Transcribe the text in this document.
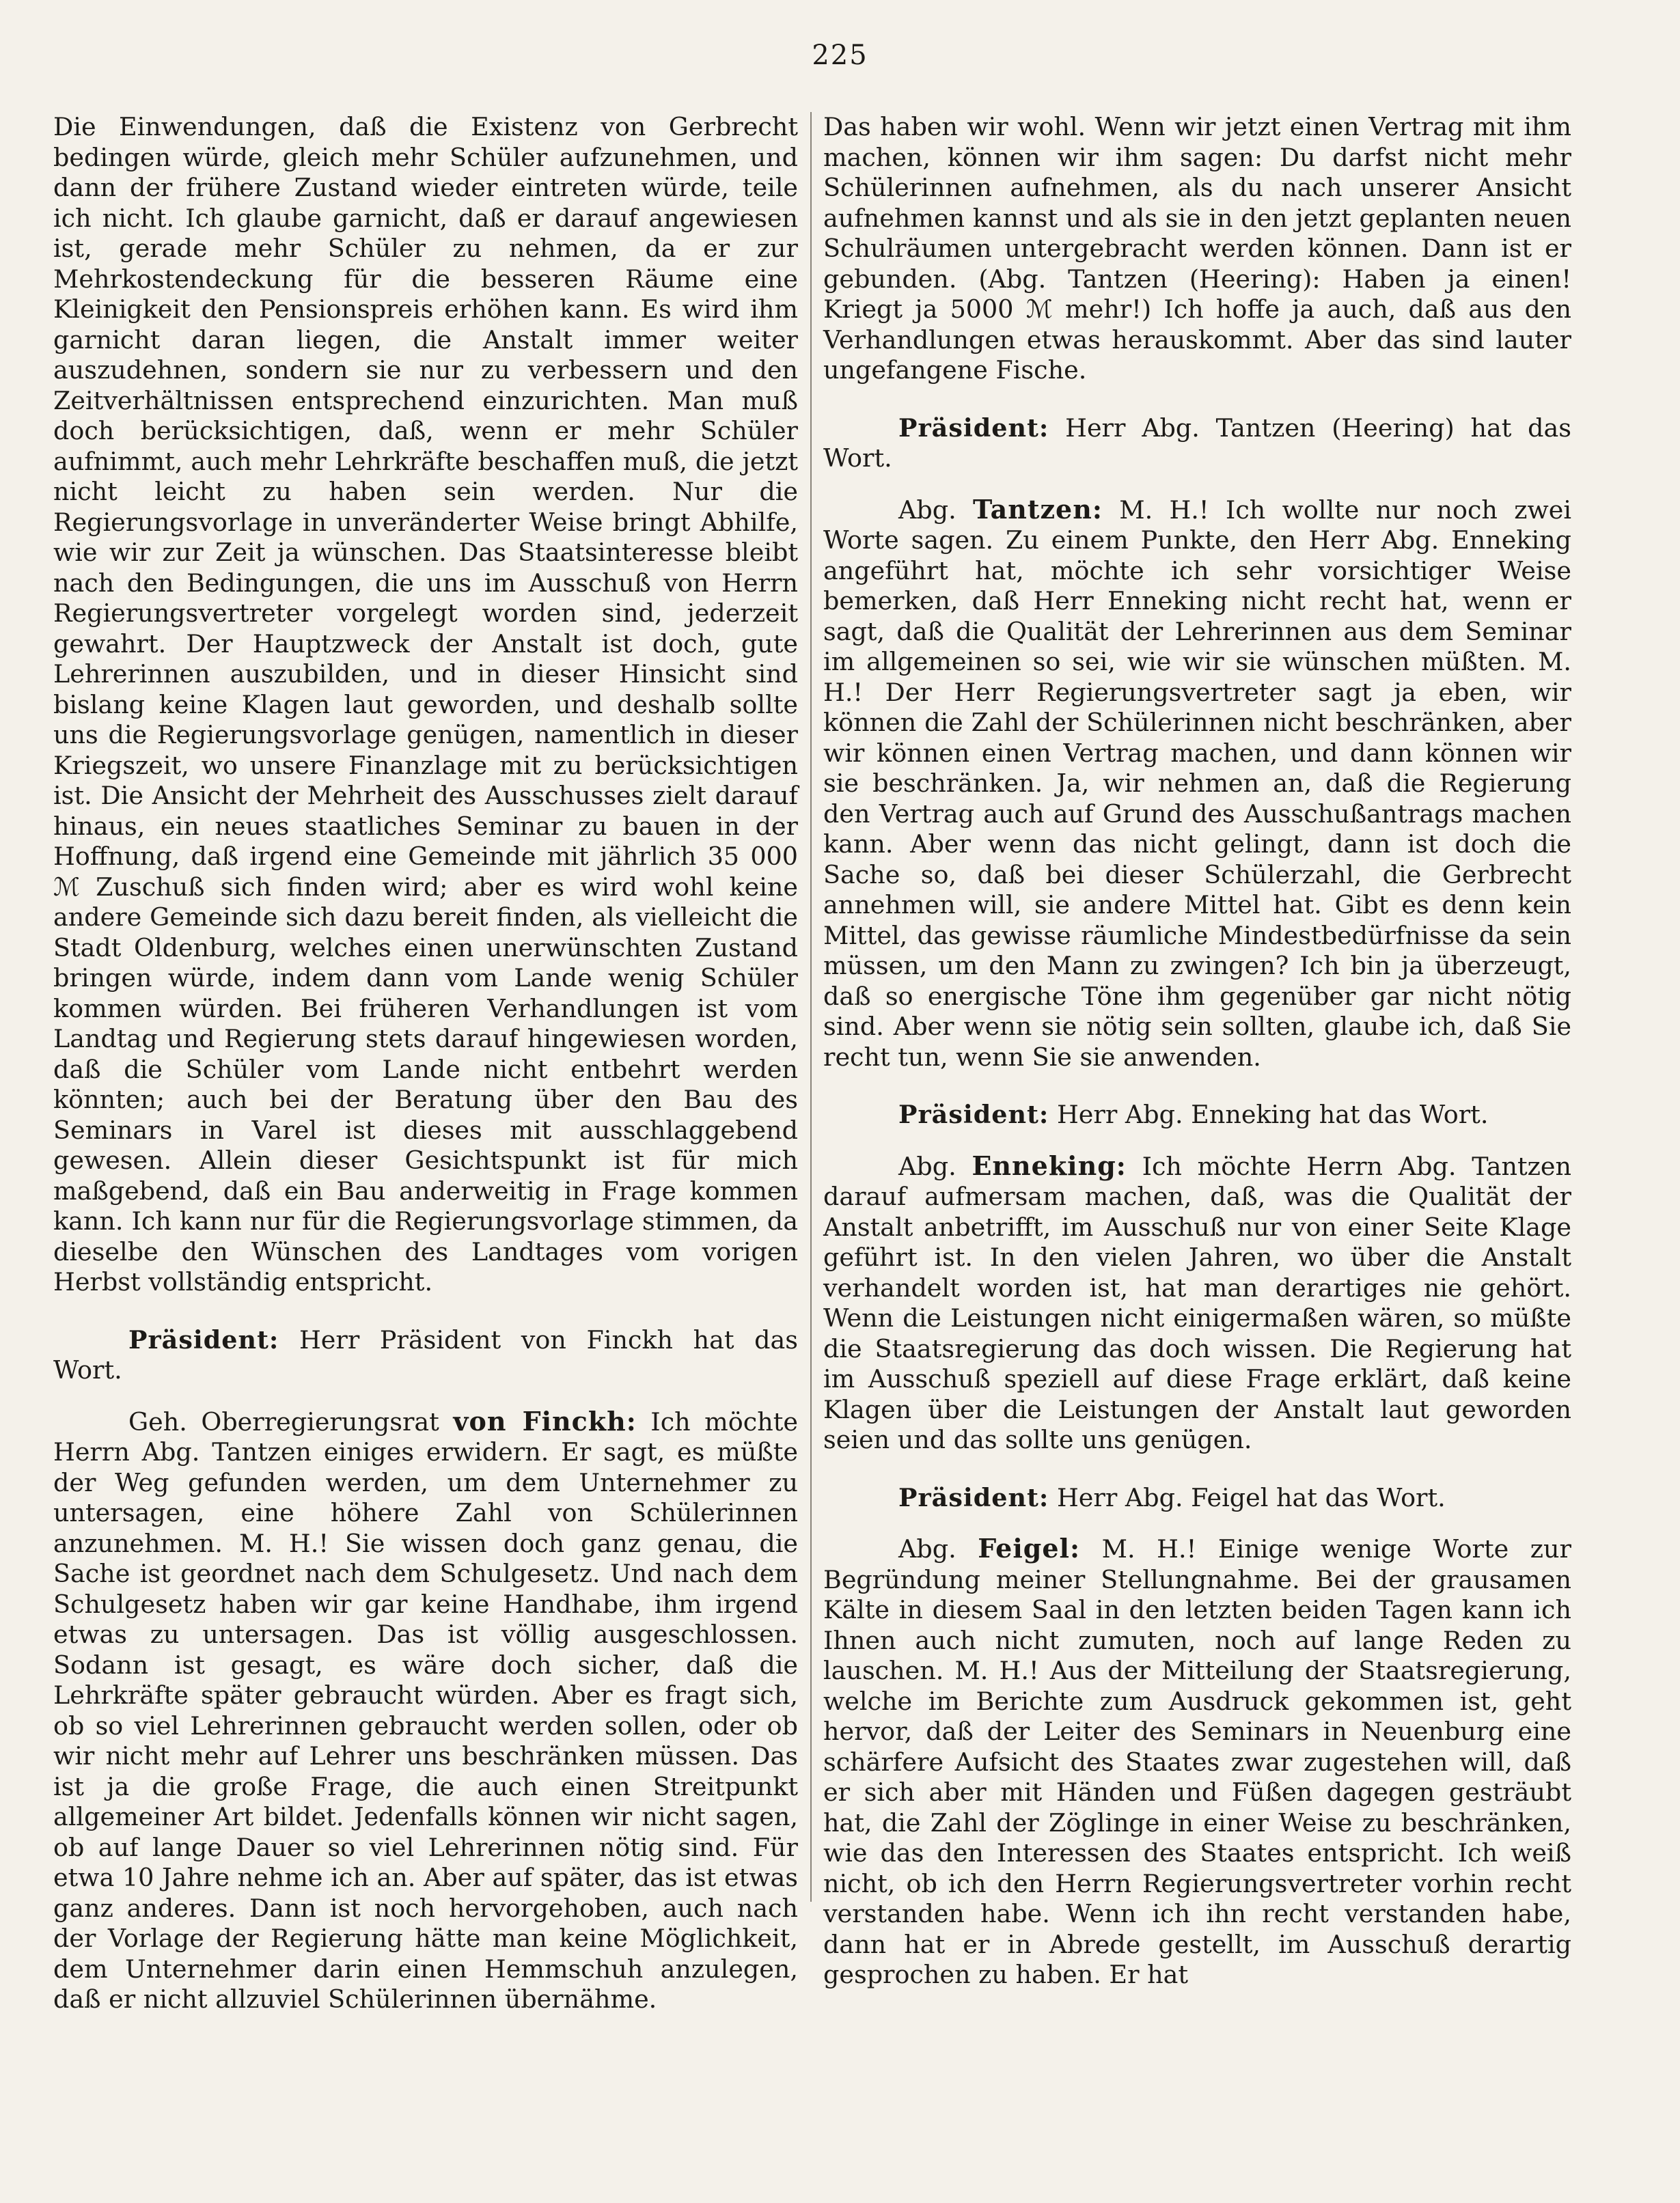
225

Die Einwendungen, daß die Existenz von Gerbrecht bedingen würde, gleich mehr Schüler aufzunehmen, und dann der frühere Zustand wieder eintreten würde, teile ich nicht. Ich glaube garnicht, daß er darauf angewiesen ist, gerade mehr Schüler zu nehmen, da er zur Mehrkostendeckung für die besseren Räume eine Kleinigkeit den Pensionspreis erhöhen kann. Es wird ihm garnicht daran liegen, die Anstalt immer weiter auszudehnen, sondern sie nur zu verbessern und den Zeitverhältnissen entsprechend einzurichten. Man muß doch berücksichtigen, daß, wenn er mehr Schüler aufnimmt, auch mehr Lehrkräfte beschaffen muß, die jetzt nicht leicht zu haben sein werden. Nur die Regierungsvorlage in unveränderter Weise bringt Abhilfe, wie wir zur Zeit ja wünschen. Das Staatsinteresse bleibt nach den Bedingungen, die uns im Ausschuß von Herrn Regierungsvertreter vorgelegt worden sind, jederzeit gewahrt. Der Hauptzweck der Anstalt ist doch, gute Lehrerinnen auszubilden, und in dieser Hinsicht sind bislang keine Klagen laut geworden, und deshalb sollte uns die Regierungsvorlage genügen, namentlich in dieser Kriegszeit, wo unsere Finanzlage mit zu berücksichtigen ist. Die Ansicht der Mehrheit des Ausschusses zielt darauf hinaus, ein neues staatliches Seminar zu bauen in der Hoffnung, daß irgend eine Gemeinde mit jährlich 35 000 ℳ Zuschuß sich finden wird; aber es wird wohl keine andere Gemeinde sich dazu bereit finden, als vielleicht die Stadt Oldenburg, welches einen unerwünschten Zustand bringen würde, indem dann vom Lande wenig Schüler kommen würden. Bei früheren Verhandlungen ist vom Landtag und Regierung stets darauf hingewiesen worden, daß die Schüler vom Lande nicht entbehrt werden könnten; auch bei der Beratung über den Bau des Seminars in Varel ist dieses mit ausschlaggebend gewesen. Allein dieser Gesichtspunkt ist für mich maßgebend, daß ein Bau anderweitig in Frage kommen kann. Ich kann nur für die Regierungsvorlage stimmen, da dieselbe den Wünschen des Landtages vom vorigen Herbst vollständig entspricht.

Präsident: Herr Präsident von Finckh hat das Wort.

Geh. Oberregierungsrat von Finckh: Ich möchte Herrn Abg. Tantzen einiges erwidern. Er sagt, es müßte der Weg gefunden werden, um dem Unternehmer zu untersagen, eine höhere Zahl von Schülerinnen anzunehmen. M. H.! Sie wissen doch ganz genau, die Sache ist geordnet nach dem Schulgesetz. Und nach dem Schulgesetz haben wir gar keine Handhabe, ihm irgend etwas zu untersagen. Das ist völlig ausgeschlossen. Sodann ist gesagt, es wäre doch sicher, daß die Lehrkräfte später gebraucht würden. Aber es fragt sich, ob so viel Lehrerinnen gebraucht werden sollen, oder ob wir nicht mehr auf Lehrer uns beschränken müssen. Das ist ja die große Frage, die auch einen Streitpunkt allgemeiner Art bildet. Jedenfalls können wir nicht sagen, ob auf lange Dauer so viel Lehrerinnen nötig sind. Für etwa 10 Jahre nehme ich an. Aber auf später, das ist etwas ganz anderes. Dann ist noch hervorgehoben, auch nach der Vorlage der Regierung hätte man keine Möglichkeit, dem Unternehmer darin einen Hemmschuh anzulegen, daß er nicht allzuviel Schülerinnen übernähme.

Das haben wir wohl. Wenn wir jetzt einen Vertrag mit ihm machen, können wir ihm sagen: Du darfst nicht mehr Schülerinnen aufnehmen, als du nach unserer Ansicht aufnehmen kannst und als sie in den jetzt geplanten neuen Schulräumen untergebracht werden können. Dann ist er gebunden. (Abg. Tantzen (Heering): Haben ja einen! Kriegt ja 5000 ℳ mehr!) Ich hoffe ja auch, daß aus den Verhandlungen etwas herauskommt. Aber das sind lauter ungefangene Fische.

Präsident: Herr Abg. Tantzen (Heering) hat das Wort.

Abg. Tantzen: M. H.! Ich wollte nur noch zwei Worte sagen. Zu einem Punkte, den Herr Abg. Enneking angeführt hat, möchte ich sehr vorsichtiger Weise bemerken, daß Herr Enneking nicht recht hat, wenn er sagt, daß die Qualität der Lehrerinnen aus dem Seminar im allgemeinen so sei, wie wir sie wünschen müßten. M. H.! Der Herr Regierungsvertreter sagt ja eben, wir können die Zahl der Schülerinnen nicht beschränken, aber wir können einen Vertrag machen, und dann können wir sie beschränken. Ja, wir nehmen an, daß die Regierung den Vertrag auch auf Grund des Ausschußantrags machen kann. Aber wenn das nicht gelingt, dann ist doch die Sache so, daß bei dieser Schülerzahl, die Gerbrecht annehmen will, sie andere Mittel hat. Gibt es denn kein Mittel, das gewisse räumliche Mindestbedürfnisse da sein müssen, um den Mann zu zwingen? Ich bin ja überzeugt, daß so energische Töne ihm gegenüber gar nicht nötig sind. Aber wenn sie nötig sein sollten, glaube ich, daß Sie recht tun, wenn Sie sie anwenden.

Präsident: Herr Abg. Enneking hat das Wort.

Abg. Enneking: Ich möchte Herrn Abg. Tantzen darauf aufmersam machen, daß, was die Qualität der Anstalt anbetrifft, im Ausschuß nur von einer Seite Klage geführt ist. In den vielen Jahren, wo über die Anstalt verhandelt worden ist, hat man derartiges nie gehört. Wenn die Leistungen nicht einigermaßen wären, so müßte die Staatsregierung das doch wissen. Die Regierung hat im Ausschuß speziell auf diese Frage erklärt, daß keine Klagen über die Leistungen der Anstalt laut geworden seien und das sollte uns genügen.

Präsident: Herr Abg. Feigel hat das Wort.

Abg. Feigel: M. H.! Einige wenige Worte zur Begründung meiner Stellungnahme. Bei der grausamen Kälte in diesem Saal in den letzten beiden Tagen kann ich Ihnen auch nicht zumuten, noch auf lange Reden zu lauschen. M. H.! Aus der Mitteilung der Staatsregierung, welche im Berichte zum Ausdruck gekommen ist, geht hervor, daß der Leiter des Seminars in Neuenburg eine schärfere Aufsicht des Staates zwar zugestehen will, daß er sich aber mit Händen und Füßen dagegen gesträubt hat, die Zahl der Zöglinge in einer Weise zu beschränken, wie das den Interessen des Staates entspricht. Ich weiß nicht, ob ich den Herrn Regierungsvertreter vorhin recht verstanden habe. Wenn ich ihn recht verstanden habe, dann hat er in Abrede gestellt, im Ausschuß derartig gesprochen zu haben. Er hat
